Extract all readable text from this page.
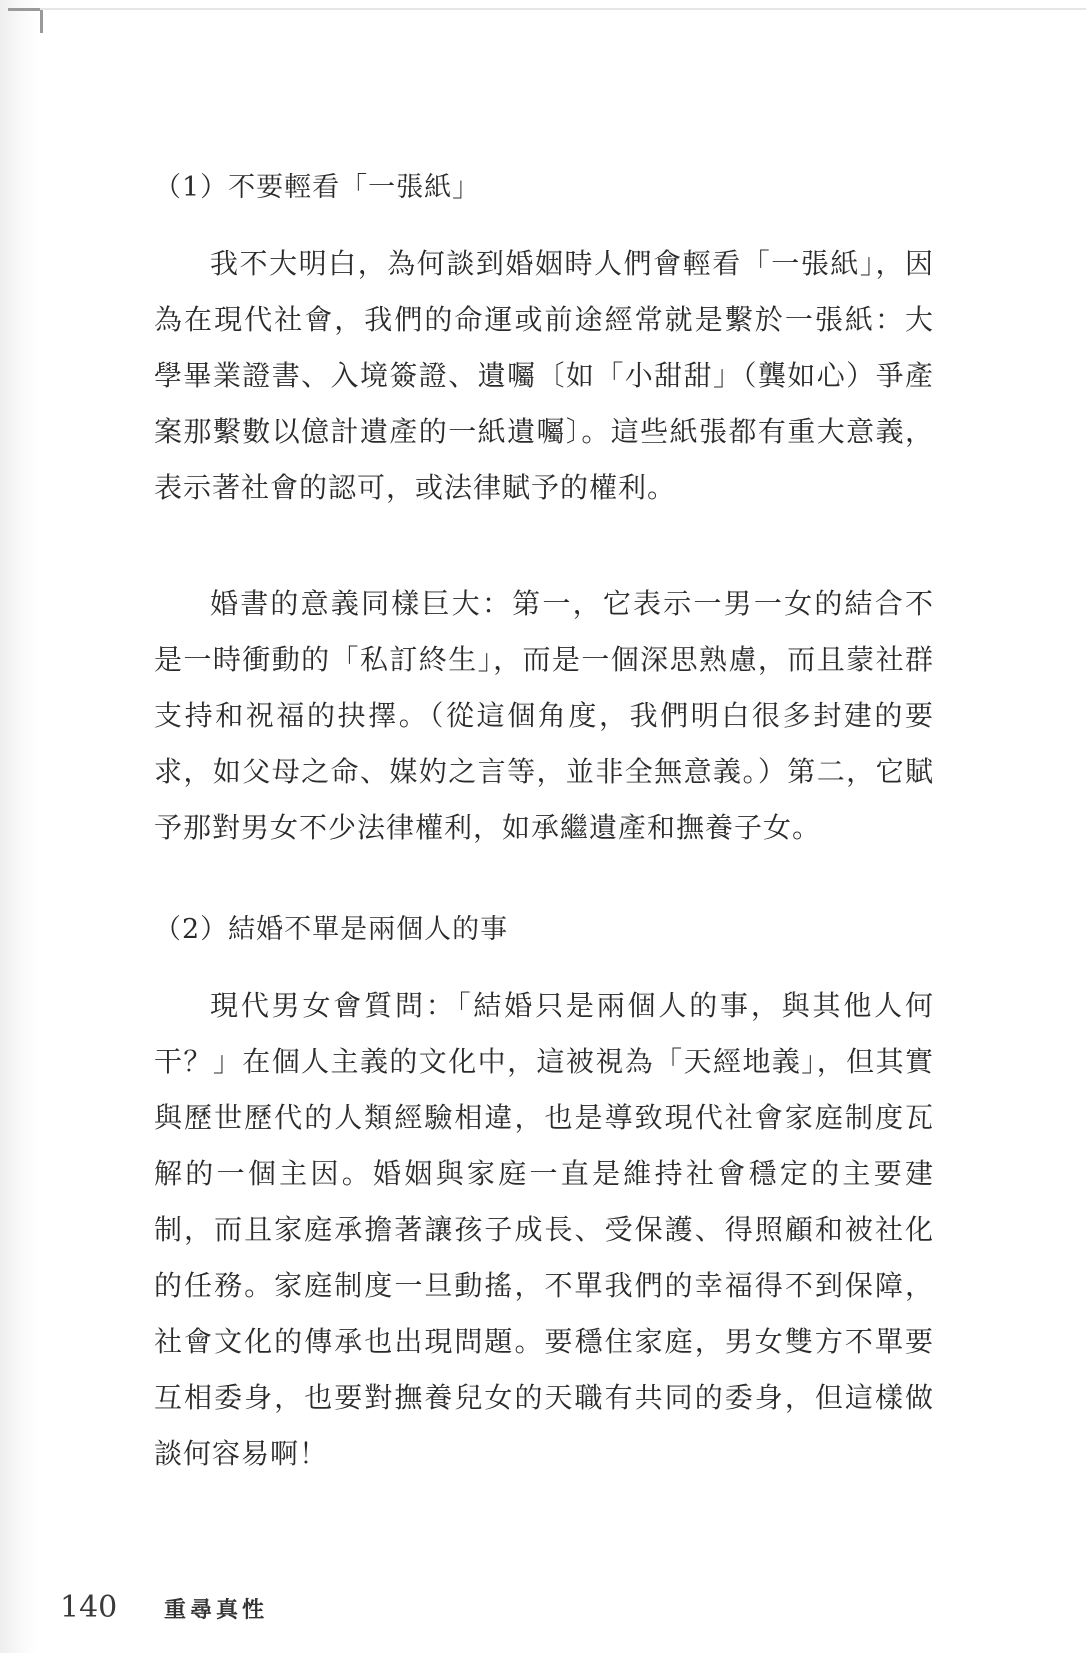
（1）不要輕看「一張紙」

我不大明白，為何談到婚姻時人們會輕看「一張紙」，因為在現代社會，我們的命運或前途經常就是繫於一張紙：大學畢業證書、入境簽證、遺囑〔如「小甜甜」（龔如心）爭產案那繫數以億計遺產的一紙遺囑〕。這些紙張都有重大意義，表示著社會的認可，或法律賦予的權利。

婚書的意義同樣巨大：第一，它表示一男一女的結合不是一時衝動的「私訂終生」，而是一個深思熟慮，而且蒙社群支持和祝福的抉擇。（從這個角度，我們明白很多封建的要求，如父母之命、媒妁之言等，並非全無意義。）第二，它賦予那對男女不少法律權利，如承繼遺產和撫養子女。

（2）結婚不單是兩個人的事

現代男女會質問：「結婚只是兩個人的事，與其他人何干？」在個人主義的文化中，這被視為「天經地義」，但其實與歷世歷代的人類經驗相違，也是導致現代社會家庭制度瓦解的一個主因。婚姻與家庭一直是維持社會穩定的主要建制，而且家庭承擔著讓孩子成長、受保護、得照顧和被社化的任務。家庭制度一旦動搖，不單我們的幸福得不到保障，社會文化的傳承也出現問題。要穩住家庭，男女雙方不單要互相委身，也要對撫養兒女的天職有共同的委身，但這樣做談何容易啊！

140	重尋真性
